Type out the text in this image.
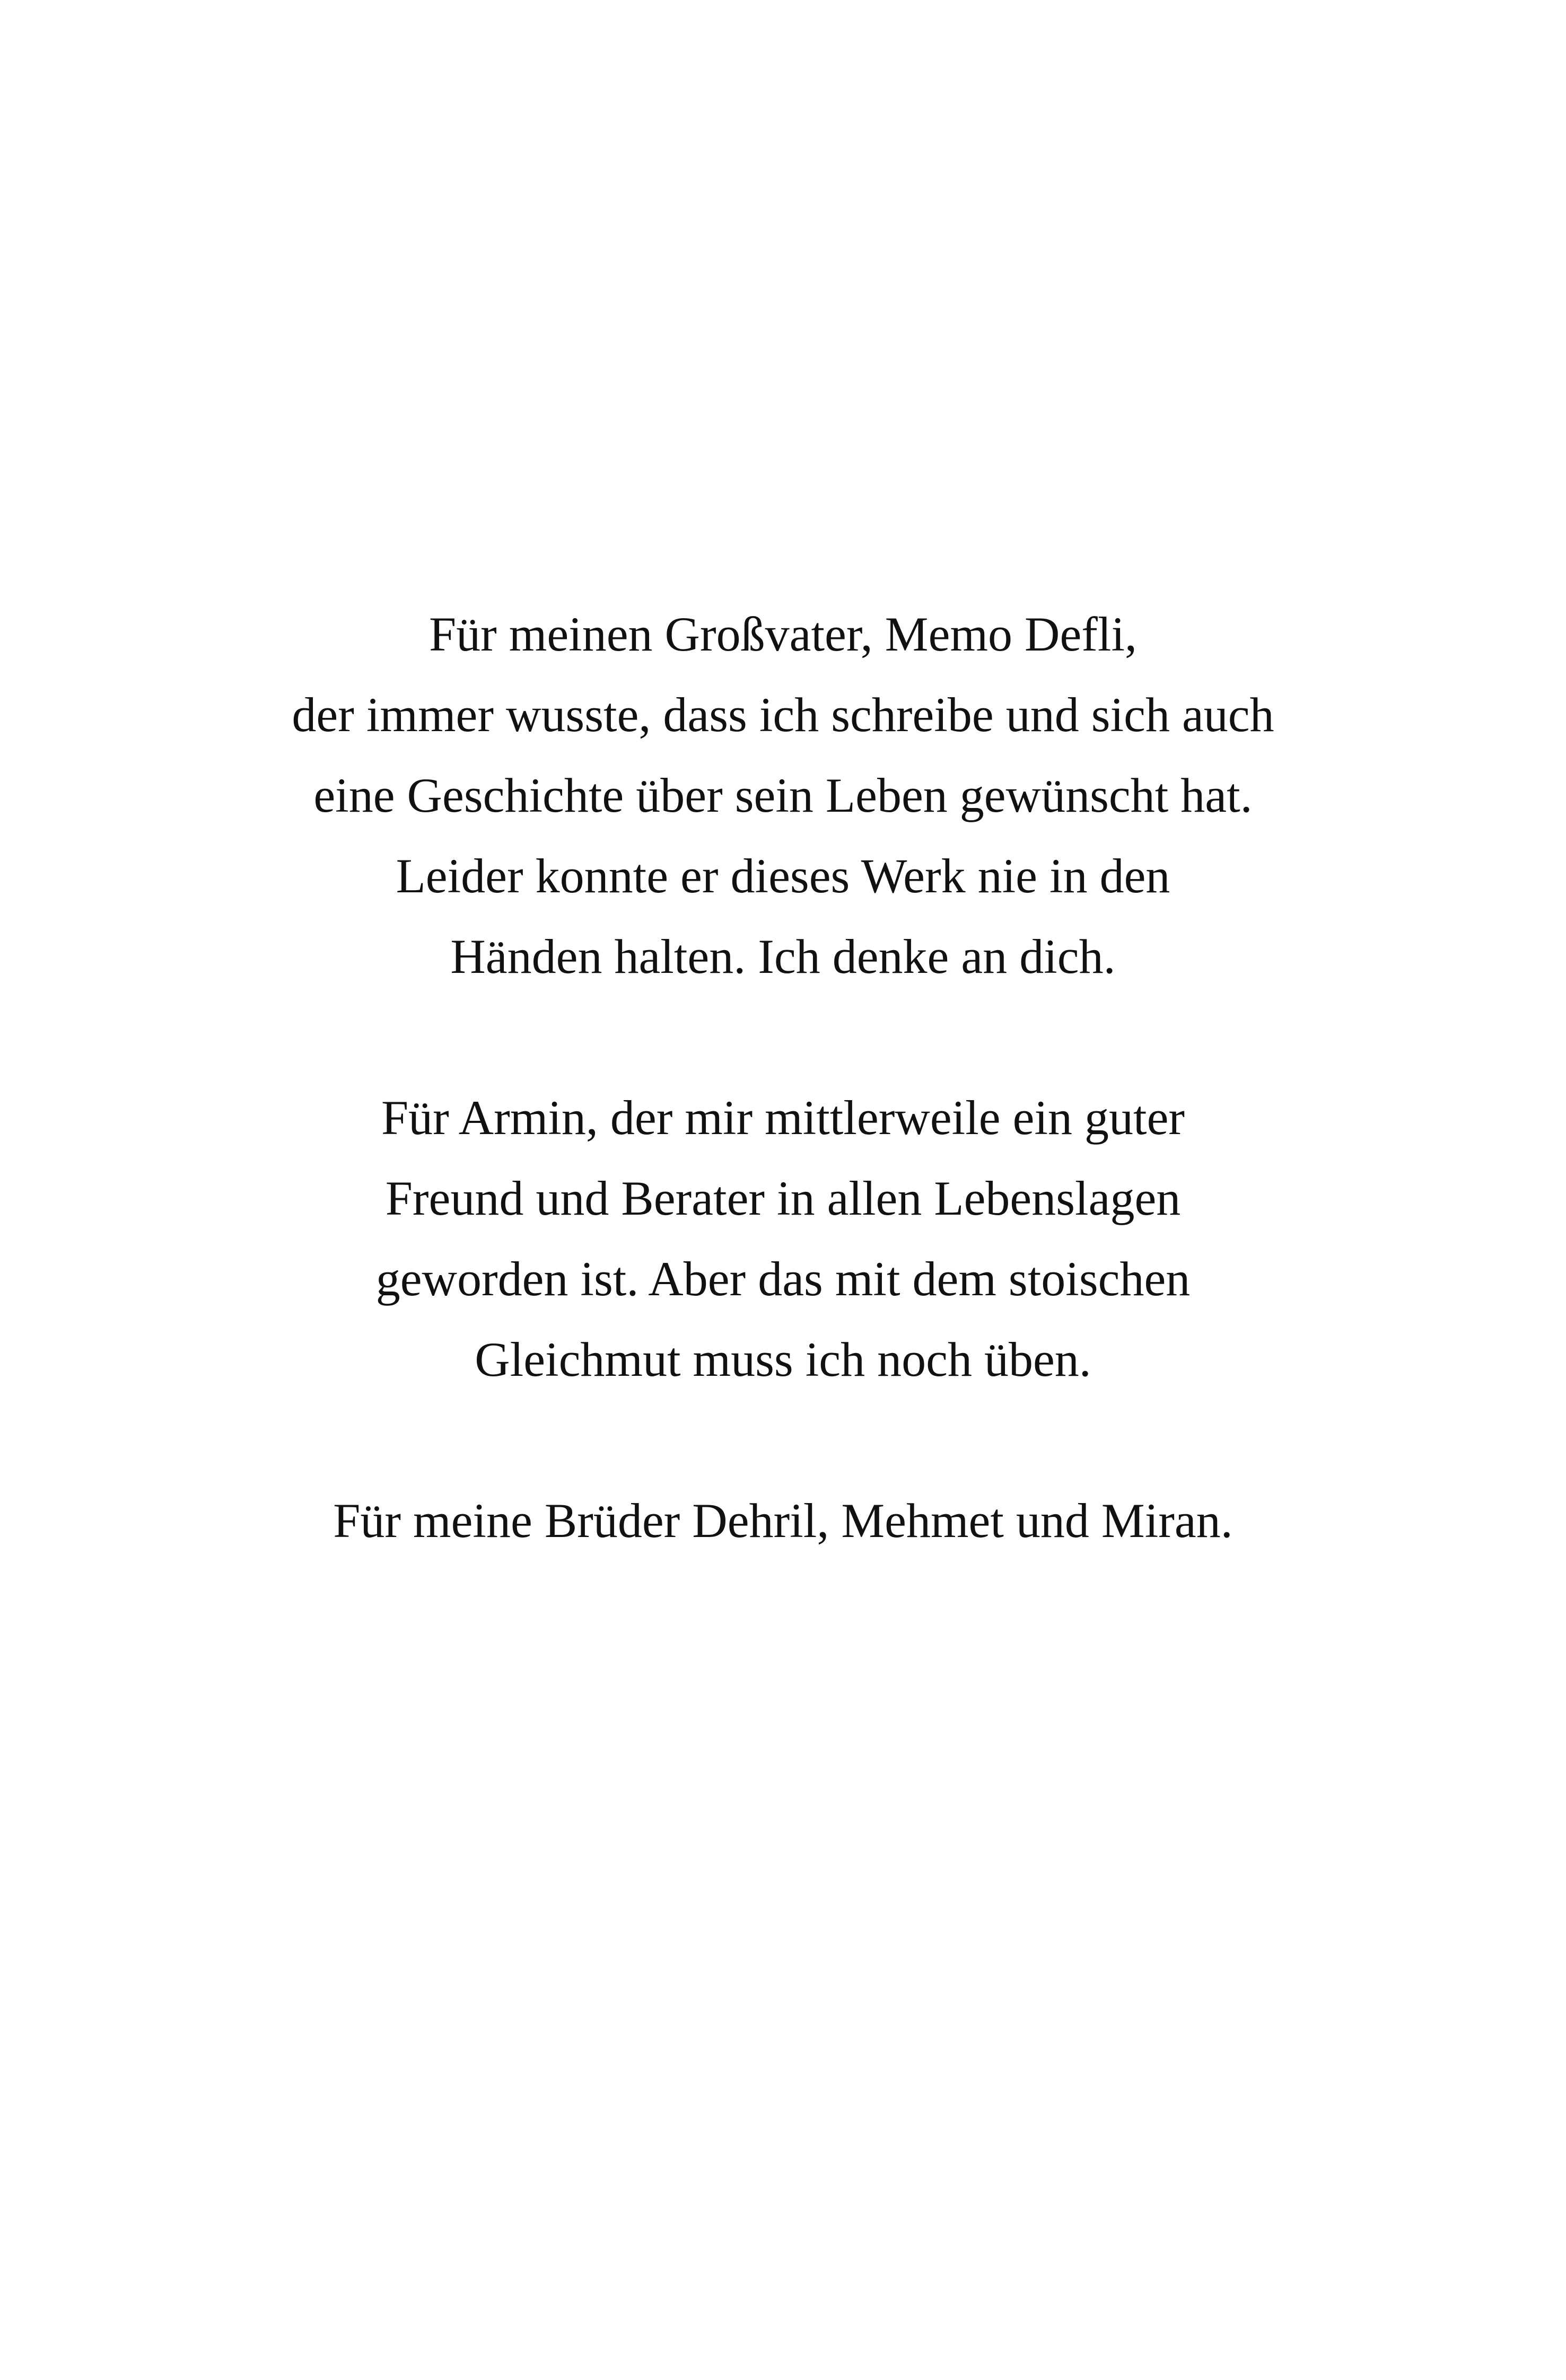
Für meinen Großvater, Memo Defli,
der immer wusste, dass ich schreibe und sich auch
eine Geschichte über sein Leben gewünscht hat.
Leider konnte er dieses Werk nie in den
Händen halten. Ich denke an dich.

Für Armin, der mir mittlerweile ein guter
Freund und Berater in allen Lebenslagen
geworden ist. Aber das mit dem stoischen
Gleichmut muss ich noch üben.

Für meine Brüder Dehril, Mehmet und Miran.
